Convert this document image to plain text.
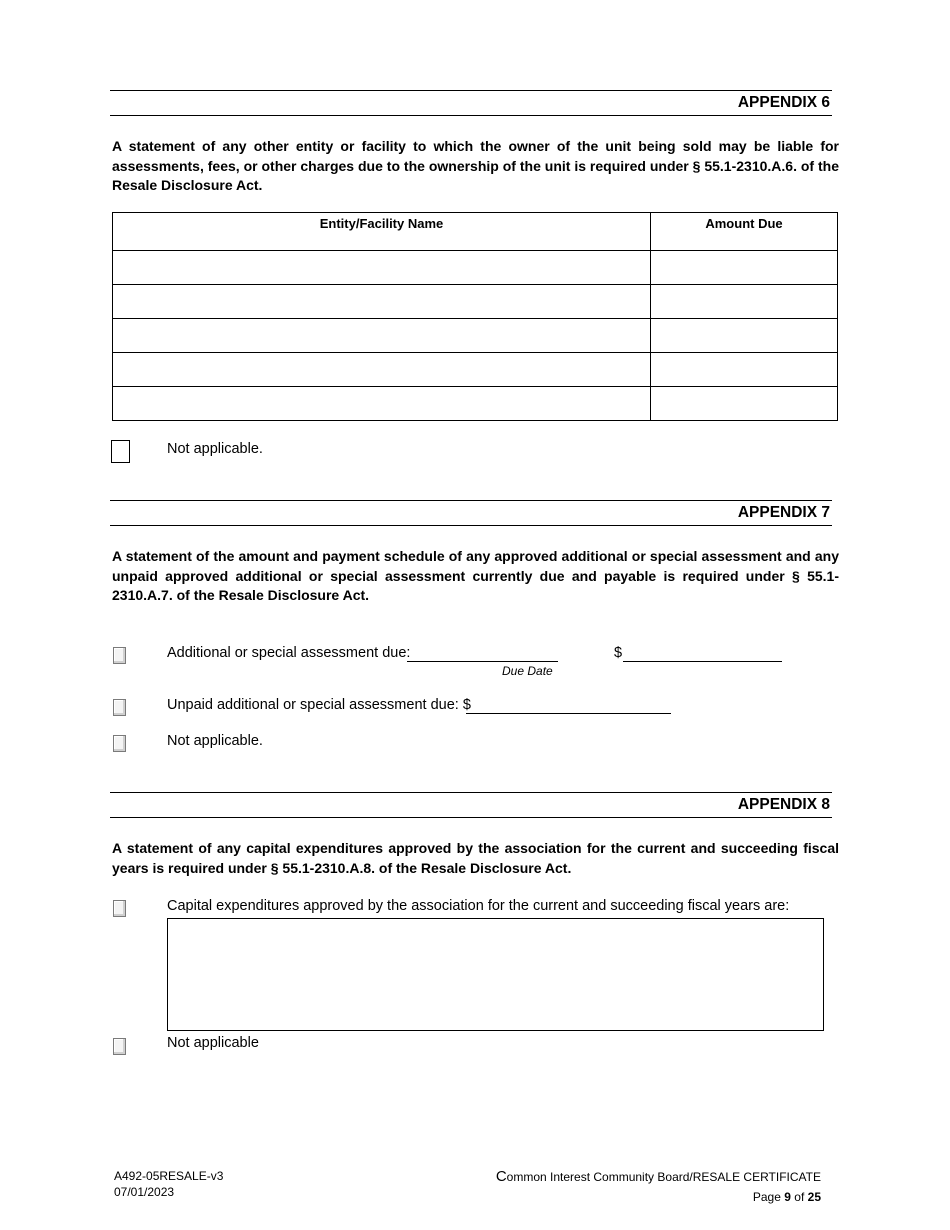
APPENDIX 6
A statement of any other entity or facility to which the owner of the unit being sold may be liable for assessments, fees, or other charges due to the ownership of the unit is required under § 55.1-2310.A.6. of the Resale Disclosure Act.
Entity/Facility Name	Amount Due

Not applicable.
APPENDIX 7
A statement of the amount and payment schedule of any approved additional or special assessment and any unpaid approved additional or special assessment currently due and payable is required under § 55.1-2310.A.7. of the Resale Disclosure Act.
Additional or special assessment due:
Due Date
$
Unpaid additional or special assessment due: $
Not applicable.
APPENDIX 8
A statement of any capital expenditures approved by the association for the current and succeeding fiscal years is required under § 55.1-2310.A.8. of the Resale Disclosure Act.
Capital expenditures approved by the association for the current and succeeding fiscal years are:
Not applicable
A492-05RESALE-v3
07/01/2023
Common Interest Community Board/RESALE CERTIFICATE
Page 9 of 25
